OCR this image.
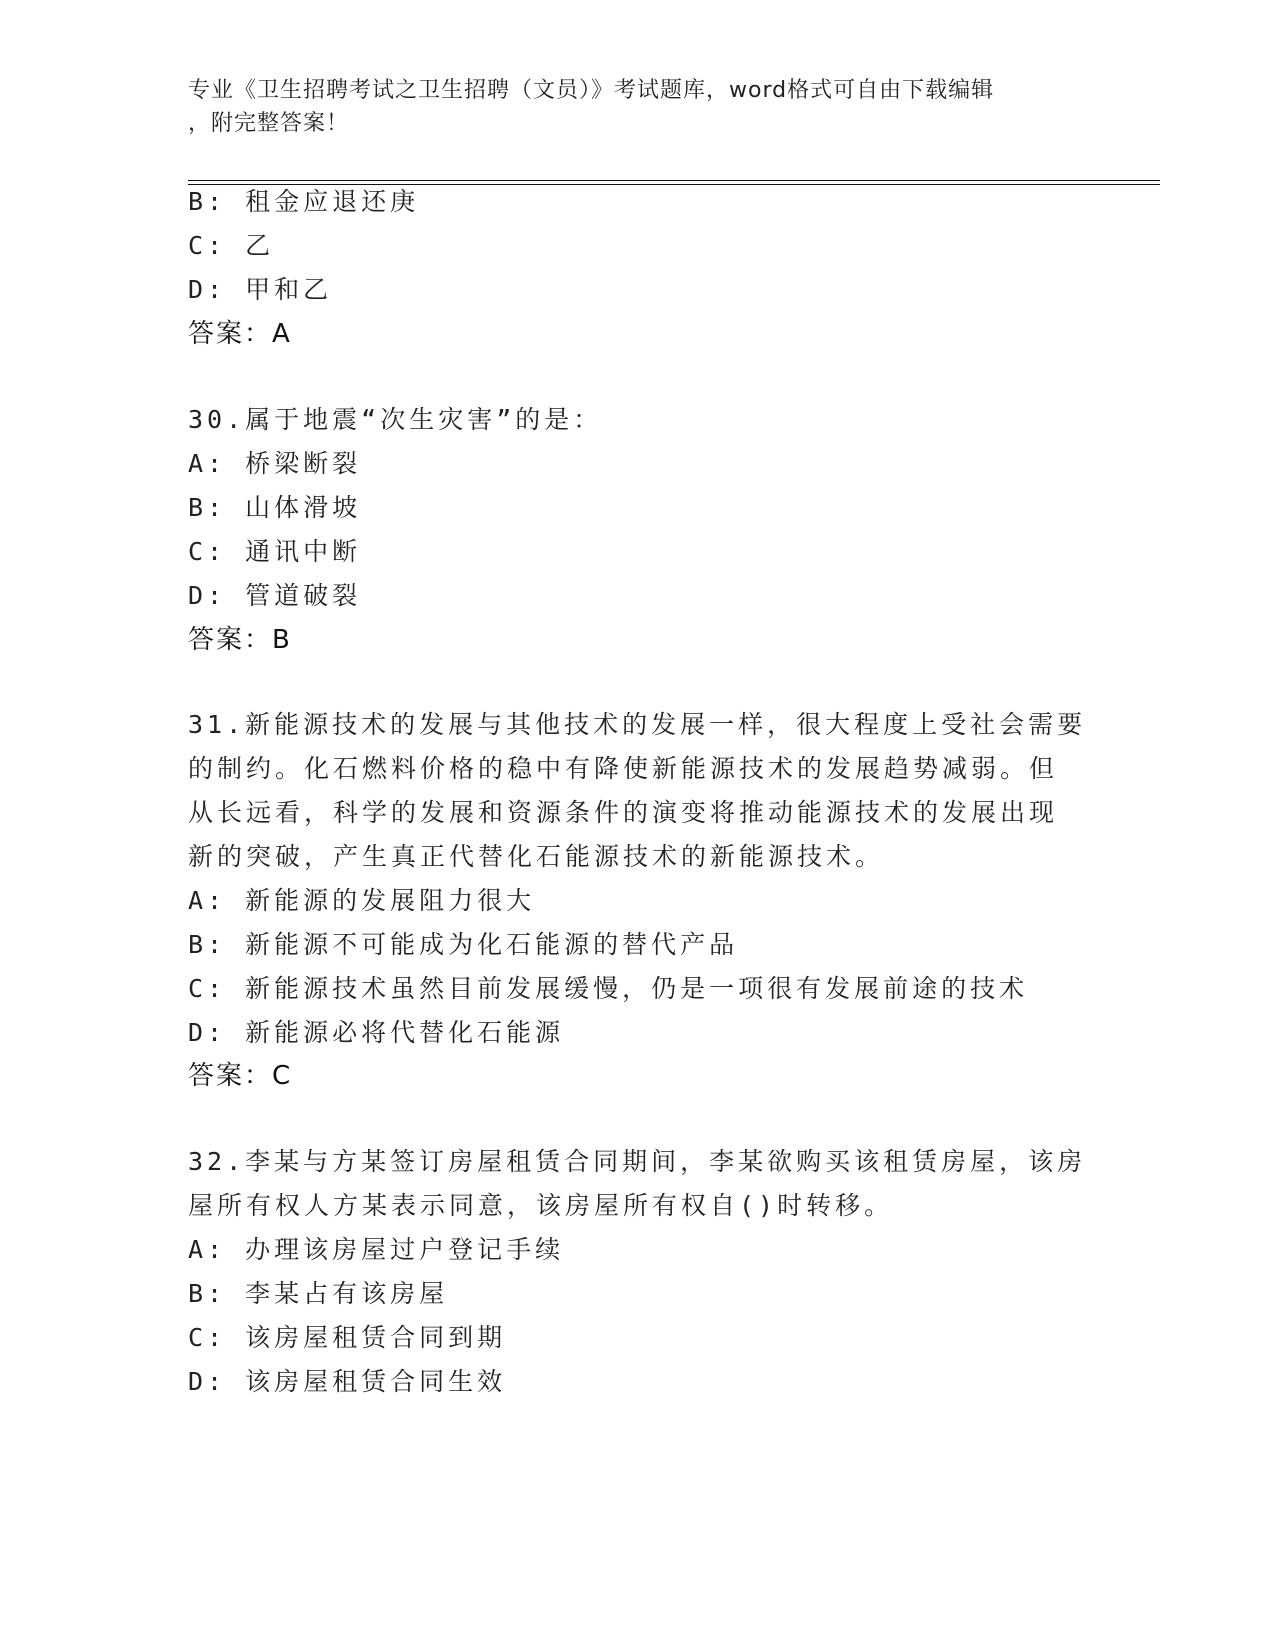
专业《卫生招聘考试之卫生招聘（文员）》考试题库，word格式可自由下载编辑
，附完整答案！
B: 租金应退还庚
C: 乙
D: 甲和乙
答案：A
30.属于地震“次生灾害”的是：
A: 桥梁断裂
B: 山体滑坡
C: 通讯中断
D: 管道破裂
答案：B
31.新能源技术的发展与其他技术的发展一样，很大程度上受社会需要
的制约。化石燃料价格的稳中有降使新能源技术的发展趋势减弱。但
从长远看，科学的发展和资源条件的演变将推动能源技术的发展出现
新的突破，产生真正代替化石能源技术的新能源技术。
A: 新能源的发展阻力很大
B: 新能源不可能成为化石能源的替代产品
C: 新能源技术虽然目前发展缓慢，仍是一项很有发展前途的技术
D: 新能源必将代替化石能源
答案：C
32.李某与方某签订房屋租赁合同期间，李某欲购买该租赁房屋，该房
屋所有权人方某表示同意，该房屋所有权自()时转移。
A: 办理该房屋过户登记手续
B: 李某占有该房屋
C: 该房屋租赁合同到期
D: 该房屋租赁合同生效
